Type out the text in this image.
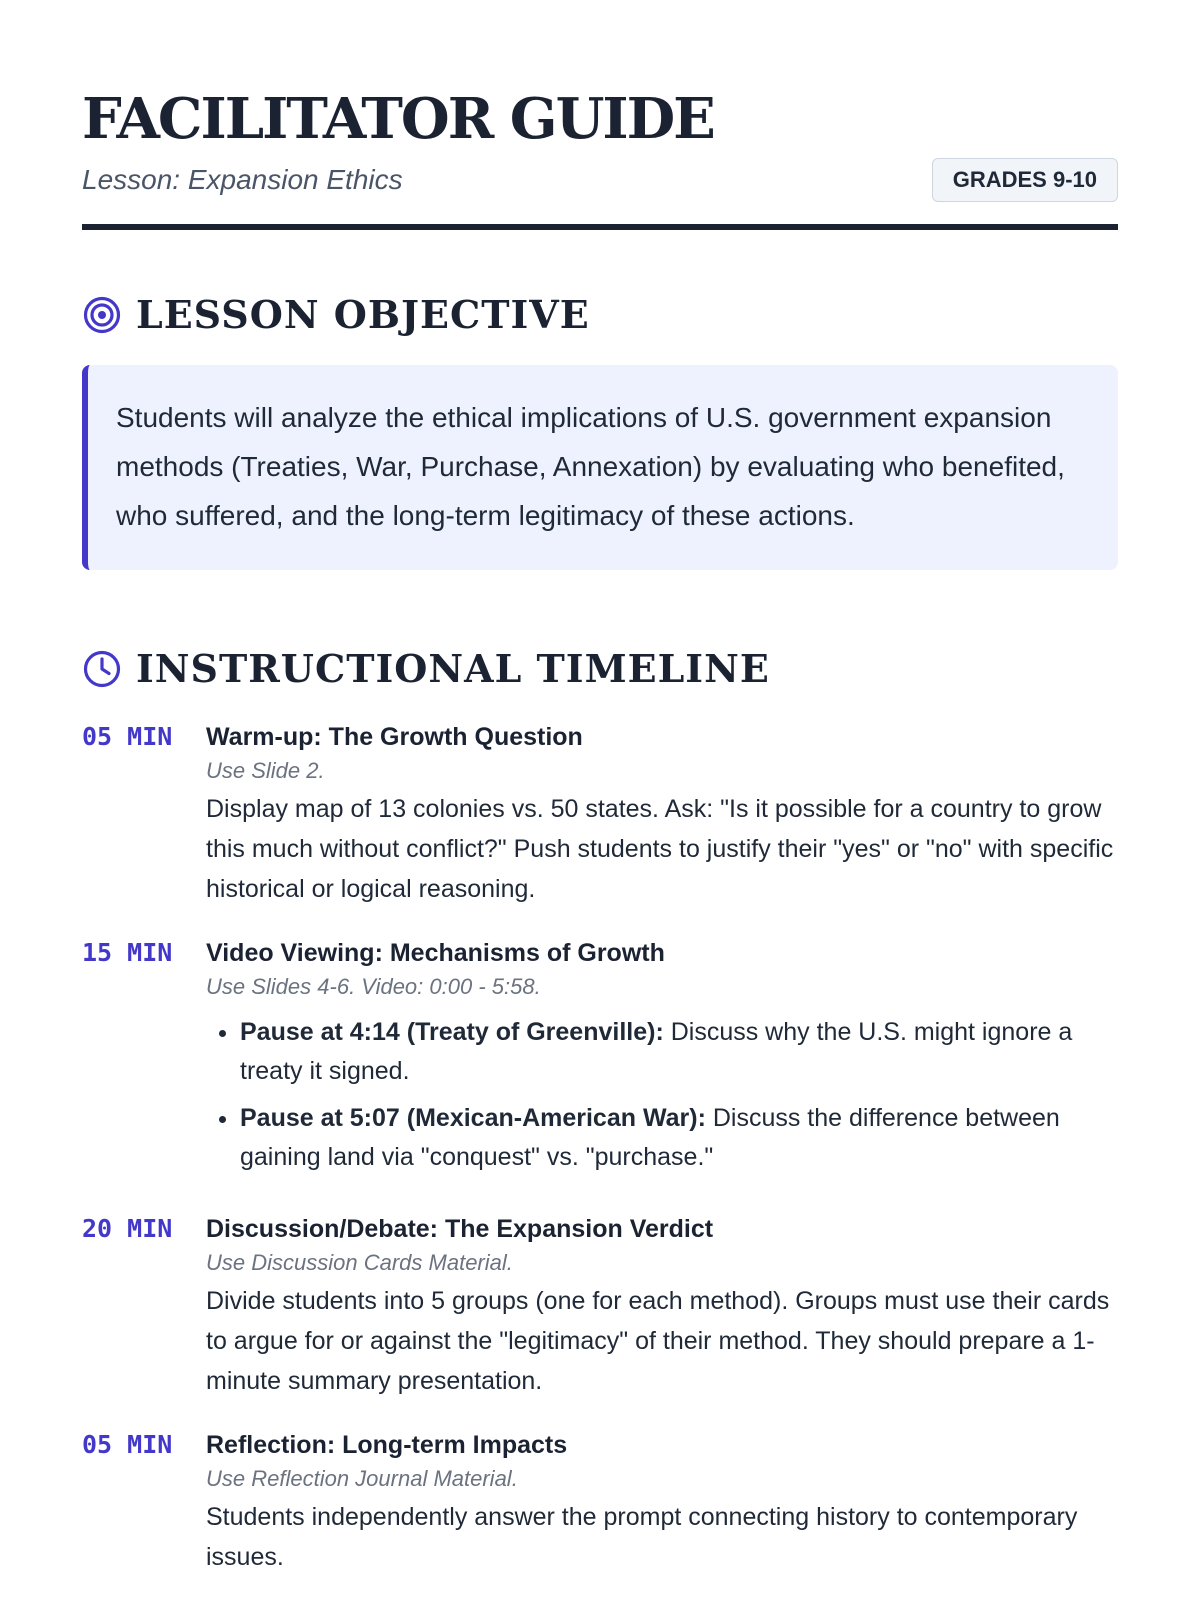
FACILITATOR GUIDE
Lesson: Expansion Ethics	GRADES 9-10
LESSON OBJECTIVE
Students will analyze the ethical implications of U.S. government expansion methods (Treaties, War, Purchase, Annexation) by evaluating who benefited, who suffered, and the long-term legitimacy of these actions.
INSTRUCTIONAL TIMELINE
05 MIN	Warm-up: The Growth Question
Use Slide 2.
Display map of 13 colonies vs. 50 states. Ask: "Is it possible for a country to grow this much without conflict?" Push students to justify their "yes" or "no" with specific historical or logical reasoning.
15 MIN	Video Viewing: Mechanisms of Growth
Use Slides 4-6. Video: 0:00 - 5:58.
• Pause at 4:14 (Treaty of Greenville): Discuss why the U.S. might ignore a treaty it signed.
• Pause at 5:07 (Mexican-American War): Discuss the difference between gaining land via "conquest" vs. "purchase."
20 MIN	Discussion/Debate: The Expansion Verdict
Use Discussion Cards Material.
Divide students into 5 groups (one for each method). Groups must use their cards to argue for or against the "legitimacy" of their method. They should prepare a 1-minute summary presentation.
05 MIN	Reflection: Long-term Impacts
Use Reflection Journal Material.
Students independently answer the prompt connecting history to contemporary issues.
